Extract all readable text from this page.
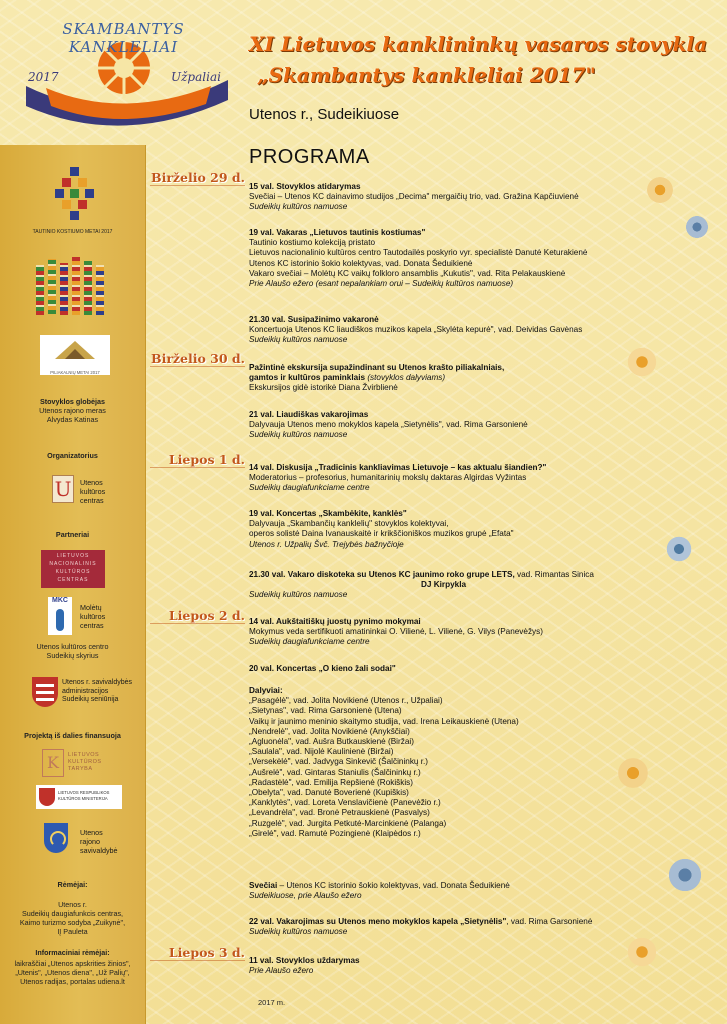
SKAMBANTYS KANKLELIAI
2017	Užpaliai
XI Lietuvos kanklininkų vasaros stovykla
„Skambantys kankleliai 2017"
Utenos r., Sudeikiuose
PROGRAMA
TAUTINIO KOSTIUMO METAI 2017
PILIAKALNIŲ METAI 2017
Stovyklos globėjas
Utenos rajono meras
Alvydas Katinas
Organizatorius
U Utenos
kultūros
centras
Partneriai
LIETUVOS
NACIONALINIS
KULTŪROS
CENTRAS
MKC
Molėtų
kultūros
centras
Utenos kultūros centro
Sudeikių skyrius
Utenos r. savivaldybės
administracijos
Sudeikių seniūnija
Projektą iš dalies finansuoja
K	LIETUVOS
KULTŪROS
TARYBA
LIETUVOS RESPUBLIKOS
KULTŪROS MINISTERIJA
Utenos
rajono
savivaldybė
Rėmėjai:
Utenos r.
Sudeikių daugiafunkcis centras,
Kaimo turizmo sodyba „Zuikynė",
IĮ Pauleta
Informaciniai rėmėjai:
laikraščiai „Utenos apskrities žinios",
„Utenis", „Utenos diena", „Už Palių",
Utenos radijas, portalas udiena.lt
Birželio 29 d.
Birželio 30 d.
Liepos 1 d.
Liepos 2 d.
Liepos 3 d.
15 val. Stovyklos atidarymas
Svečiai – Utenos KC dainavimo studijos „Decima" mergaičių trio, vad. Gražina Kapčiuvienė
Sudeikių kultūros namuose
19 val. Vakaras „Lietuvos tautinis kostiumas"
Tautinio kostiumo kolekciją pristato
Lietuvos nacionalinio kultūros centro Tautodailės poskyrio vyr. specialistė Danutė Keturakienė
Utenos KC istorinio šokio kolektyvas, vad. Donata Šeduikienė
Vakaro svečiai – Molėtų KC vaikų folkloro ansamblis „Kukutis", vad. Rita Pelakauskienė
Prie Alaušo ežero (esant nepalankiam orui – Sudeikių kultūros namuose)
21.30 val. Susipažinimo vakaronė
Koncertuoja Utenos KC liaudiškos muzikos kapela „Skylėta kepurė", vad. Deividas Gavėnas
Sudeikių kultūros namuose
Pažintinė ekskursija supažindinant su Utenos krašto piliakalniais,
gamtos ir kultūros paminklais (stovyklos dalyviams)
Ekskursijos gidė istorikė Diana Žvirblienė
21 val. Liaudiškas vakarojimas
Dalyvauja Utenos meno mokyklos kapela „Sietynėlis", vad. Rima Garsonienė
Sudeikių kultūros namuose
14 val. Diskusija „Tradicinis kankliavimas Lietuvoje – kas aktualu šiandien?"
Moderatorius – profesorius, humanitarinių mokslų daktaras Algirdas Vyžintas
Sudeikių daugiafunkciame centre
19 val. Koncertas „Skambėkite, kanklės"
Dalyvauja „Skambančių kanklelių" stovyklos kolektyvai,
operos solistė Daina Ivanauskaitė ir krikščioniškos muzikos grupė „Efata"
Utenos r. Užpalių Švč. Trejybės bažnyčioje
21.30 val. Vakaro diskoteka su Utenos KC jaunimo roko grupe LETS, vad. Rimantas Sinica
DJ Kirpykla
Sudeikių kultūros namuose
14 val. Aukštaitiškų juostų pynimo mokymai
Mokymus veda sertifikuoti amatininkai O. Vilienė, L. Vilienė, G. Vilys (Panevėžys)
Sudeikių daugiafunkciame centre
20 val. Koncertas „O kieno žali sodai"
Dalyviai:
„Pasagėlė", vad. Jolita Novikienė (Utenos r., Užpaliai)
„Sietynas", vad. Rima Garsonienė (Utena)
Vaikų ir jaunimo meninio skaitymo studija, vad. Irena Leikauskienė (Utena)
„Nendrelė", vad. Jolita Novikienė (Anykščiai)
„Agluonėla", vad. Aušra Butkauskienė (Biržai)
„Saulala", vad. Nijolė Kaulinienė (Biržai)
„Versekėlė", vad. Jadvyga Sinkevič (Šalčininkų r.)
„Aušrelė", vad. Gintaras Staniulis (Šalčininkų r.)
„Radastėlė", vad. Emilija Repšienė (Rokiškis)
„Obelyta", vad. Danutė Boverienė (Kupiškis)
„Kanklytės", vad. Loreta Venslavičienė (Panevėžio r.)
„Levandrėla", vad. Bronė Petrauskienė (Pasvalys)
„Ruzgelė", vad. Jurgita Petkutė-Marcinkienė (Palanga)
„Girelė", vad. Ramutė Pozingienė (Klaipėdos r.)
Svečiai – Utenos KC istorinio šokio kolektyvas, vad. Donata Šeduikienė
Sudeikiuose, prie Alaušo ežero
22 val. Vakarojimas su Utenos meno mokyklos kapela „Sietynėlis", vad. Rima Garsonienė
Sudeikių kultūros namuose
11 val. Stovyklos uždarymas
Prie Alaušo ežero
2017 m.
